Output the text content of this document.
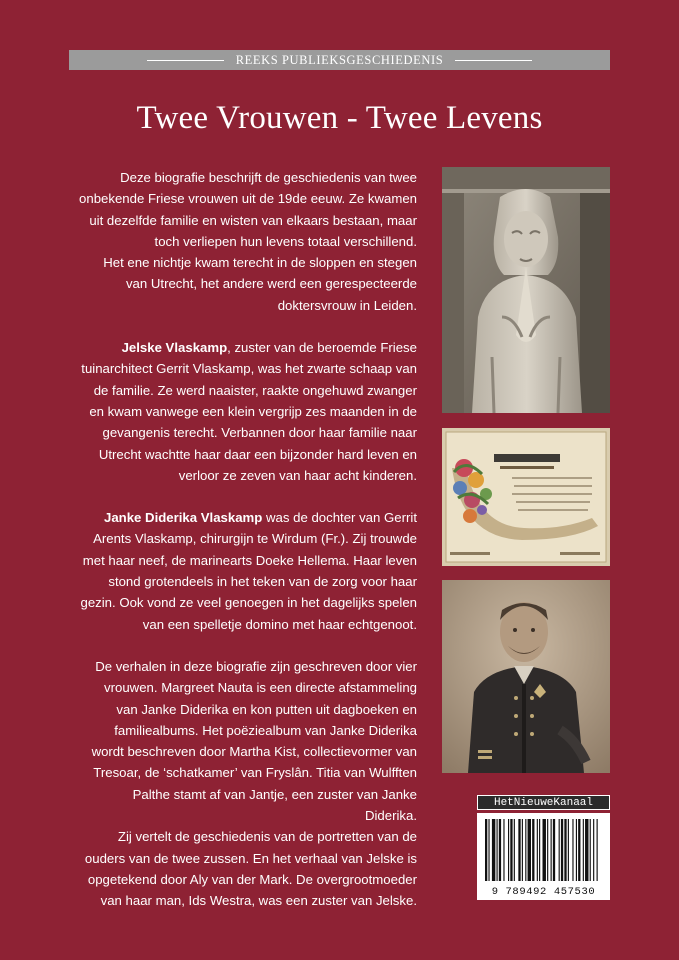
REEKS PUBLIEKSGESCHIEDENIS
Twee Vrouwen - Twee Levens

Deze biografie beschrijft de geschiedenis van twee
onbekende Friese vrouwen uit de 19de eeuw. Ze kwamen
uit dezelfde familie en wisten van elkaars bestaan, maar
toch verliepen hun levens totaal verschillend.
Het ene nichtje kwam terecht in de sloppen en stegen
van Utrecht, het andere werd een gerespecteerde
doktersvrouw in Leiden.

Jelske Vlaskamp, zuster van de beroemde Friese
tuinarchitect Gerrit Vlaskamp, was het zwarte schaap van
de familie. Ze werd naaister, raakte ongehuwd zwanger
en kwam vanwege een klein vergrijp zes maanden in de
gevangenis terecht. Verbannen door haar familie naar
Utrecht wachtte haar daar een bijzonder hard leven en
verloor ze zeven van haar acht kinderen.

Janke Diderika Vlaskamp was de dochter van Gerrit
Arents Vlaskamp, chirurgijn te Wirdum (Fr.). Zij trouwde
met haar neef, de marinearts Doeke Hellema. Haar leven
stond grotendeels in het teken van de zorg voor haar
gezin. Ook vond ze veel genoegen in het dagelijks spelen
van een spelletje domino met haar echtgenoot.

De verhalen in deze biografie zijn geschreven door vier
vrouwen. Margreet Nauta is een directe afstammeling
van Janke Diderika en kon putten uit dagboeken en
familiealbums. Het poëziealbum van Janke Diderika
wordt beschreven door Martha Kist, collectievormer van
Tresoar, de ‘schatkamer’ van Fryslân. Titia van Wulfften
Palthe stamt af van Jantje, een zuster van Janke Diderika.
Zij vertelt de geschiedenis van de portretten van de
ouders van de twee zussen. En het verhaal van Jelske is
opgetekend door Aly van der Mark. De overgrootmoeder
van haar man, Ids Westra, was een zuster van Jelske.

HetNieuweKanaal
9 789492 457530
